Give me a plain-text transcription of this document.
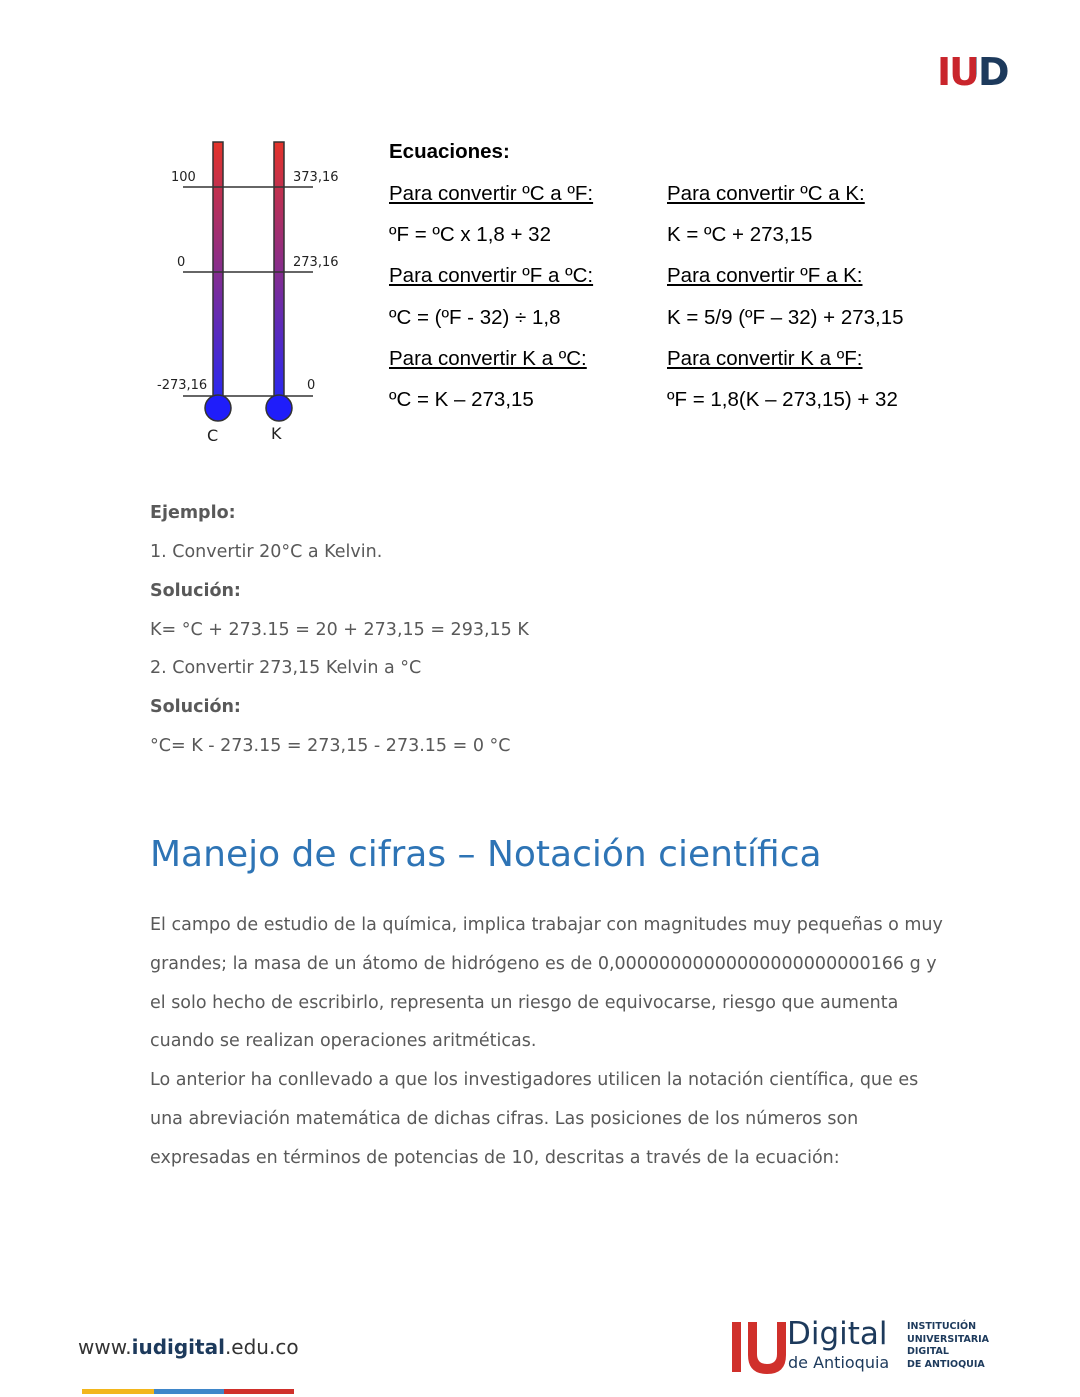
IUD
100
0
-273,16
373,16
273,16
0
C	K
Ecuaciones:
Para convertir ºC a ºF:
ºF = ºC x 1,8 + 32
Para convertir ºF a ºC:
ºC = (ºF - 32) ÷ 1,8
Para convertir K a ºC:
ºC = K – 273,15
Para convertir ºC a K:
K = ºC + 273,15
Para convertir ºF a K:
K = 5/9 (ºF – 32) + 273,15
Para convertir K a ºF:
ºF = 1,8(K – 273,15) + 32
Ejemplo:
1. Convertir 20°C a Kelvin.
Solución:
K= °C + 273.15 = 20 + 273,15 = 293,15 K
2. Convertir 273,15 Kelvin a °C
Solución:
°C= K - 273.15 = 273,15 - 273.15 = 0 °C
Manejo de cifras – Notación científica
El campo de estudio de la química, implica trabajar con magnitudes muy pequeñas o muy grandes; la masa de un átomo de hidrógeno es de 0,00000000000000000000000166 g y el solo hecho de escribirlo, representa un riesgo de equivocarse, riesgo que aumenta cuando se realizan operaciones aritméticas.
Lo anterior ha conllevado a que los investigadores utilicen la notación científica, que es una abreviación matemática de dichas cifras. Las posiciones de los números son expresadas en términos de potencias de 10, descritas a través de la ecuación:
www.iudigital.edu.co	Digital
de Antioquia
INSTITUCIÓN
UNIVERSITARIA
DIGITAL
DE ANTIOQUIA
